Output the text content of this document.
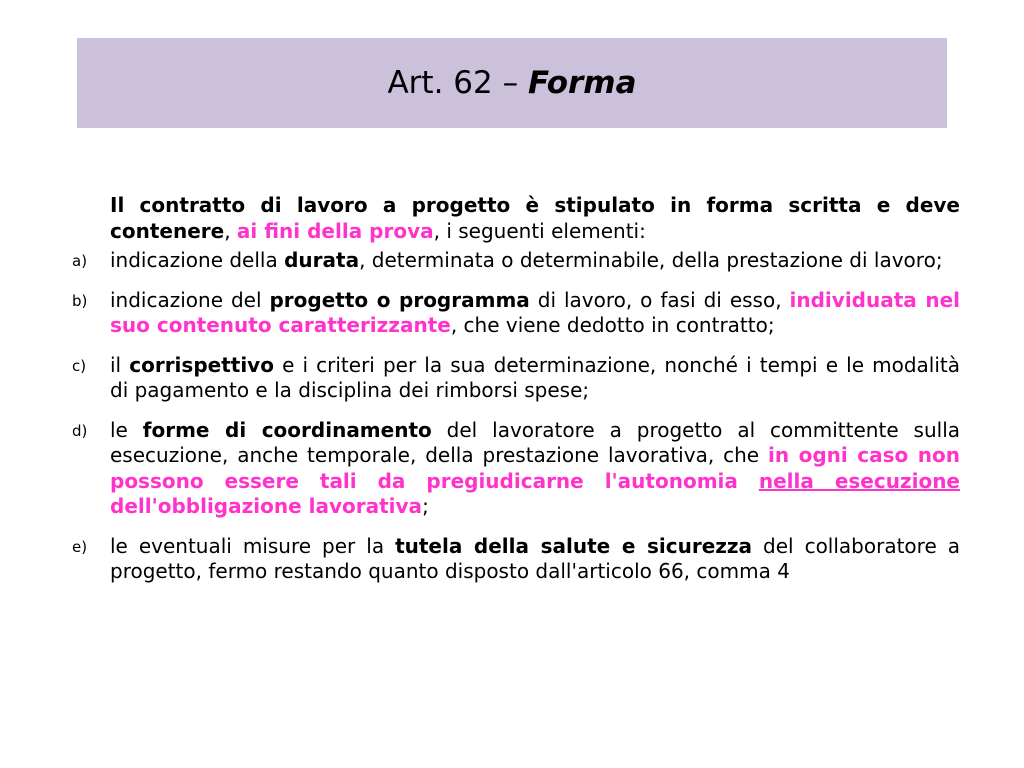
Art. 62 – Forma

Il contratto di lavoro a progetto è stipulato in forma scritta e deve contenere, ai fini della prova, i seguenti elementi:

a) indicazione della durata, determinata o determinabile, della prestazione di lavoro;
b) indicazione del progetto o programma di lavoro, o fasi di esso, individuata nel suo contenuto caratterizzante, che viene dedotto in contratto;
c) il corrispettivo e i criteri per la sua determinazione, nonché i tempi e le modalità di pagamento e la disciplina dei rimborsi spese;
d) le forme di coordinamento del lavoratore a progetto al committente sulla esecuzione, anche temporale, della prestazione lavorativa, che in ogni caso non possono essere tali da pregiudicarne l'autonomia nella esecuzione dell'obbligazione lavorativa;
e) le eventuali misure per la tutela della salute e sicurezza del collaboratore a progetto, fermo restando quanto disposto dall'articolo 66, comma 4
